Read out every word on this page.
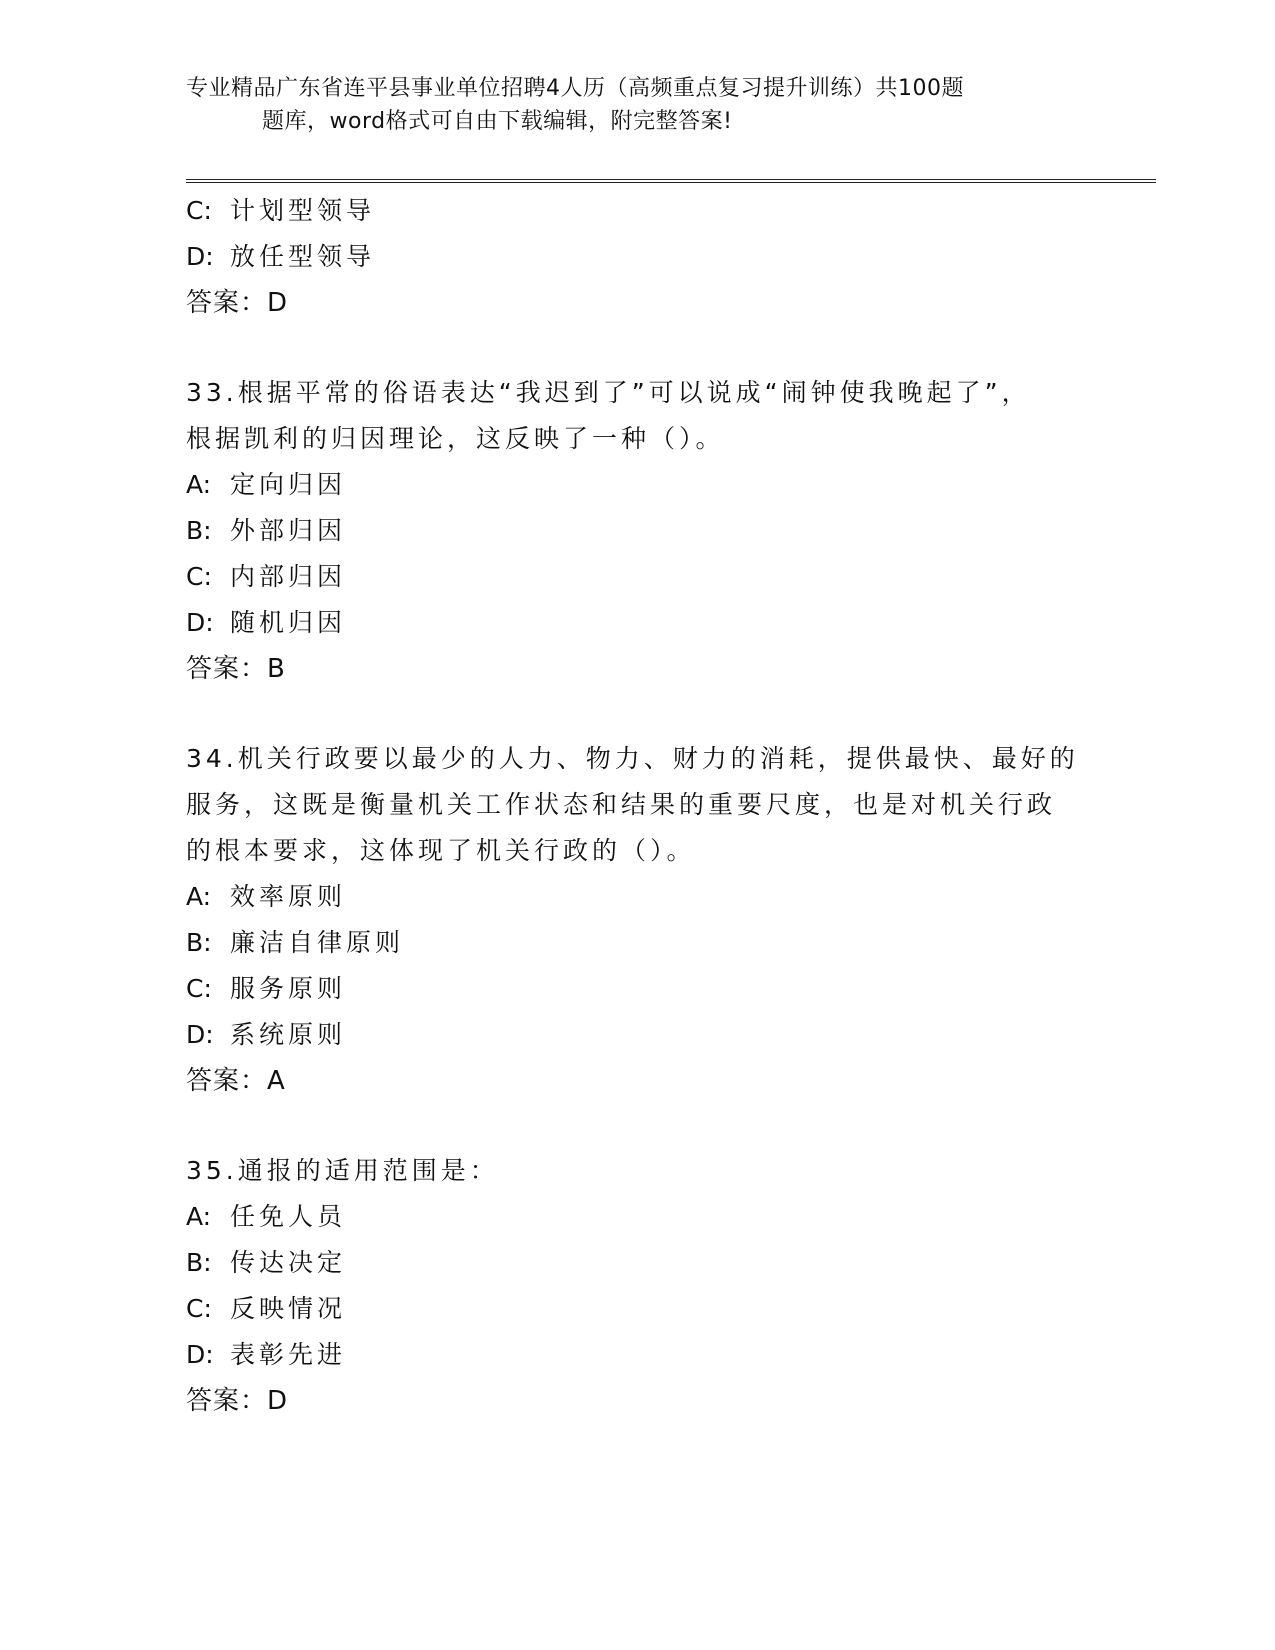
专业精品广东省连平县事业单位招聘4人历（高频重点复习提升训练）共100题
题库，word格式可自由下载编辑，附完整答案!
C: 计划型领导
D: 放任型领导
答案：D
33.根据平常的俗语表达“我迟到了”可以说成“闹钟使我晚起了”，
根据凯利的归因理论，这反映了一种（）。
A: 定向归因
B: 外部归因
C: 内部归因
D: 随机归因
答案：B
34.机关行政要以最少的人力、物力、财力的消耗，提供最快、最好的
服务，这既是衡量机关工作状态和结果的重要尺度，也是对机关行政
的根本要求，这体现了机关行政的（）。
A: 效率原则
B: 廉洁自律原则
C: 服务原则
D: 系统原则
答案：A
35.通报的适用范围是：
A: 任免人员
B: 传达决定
C: 反映情况
D: 表彰先进
答案：D
